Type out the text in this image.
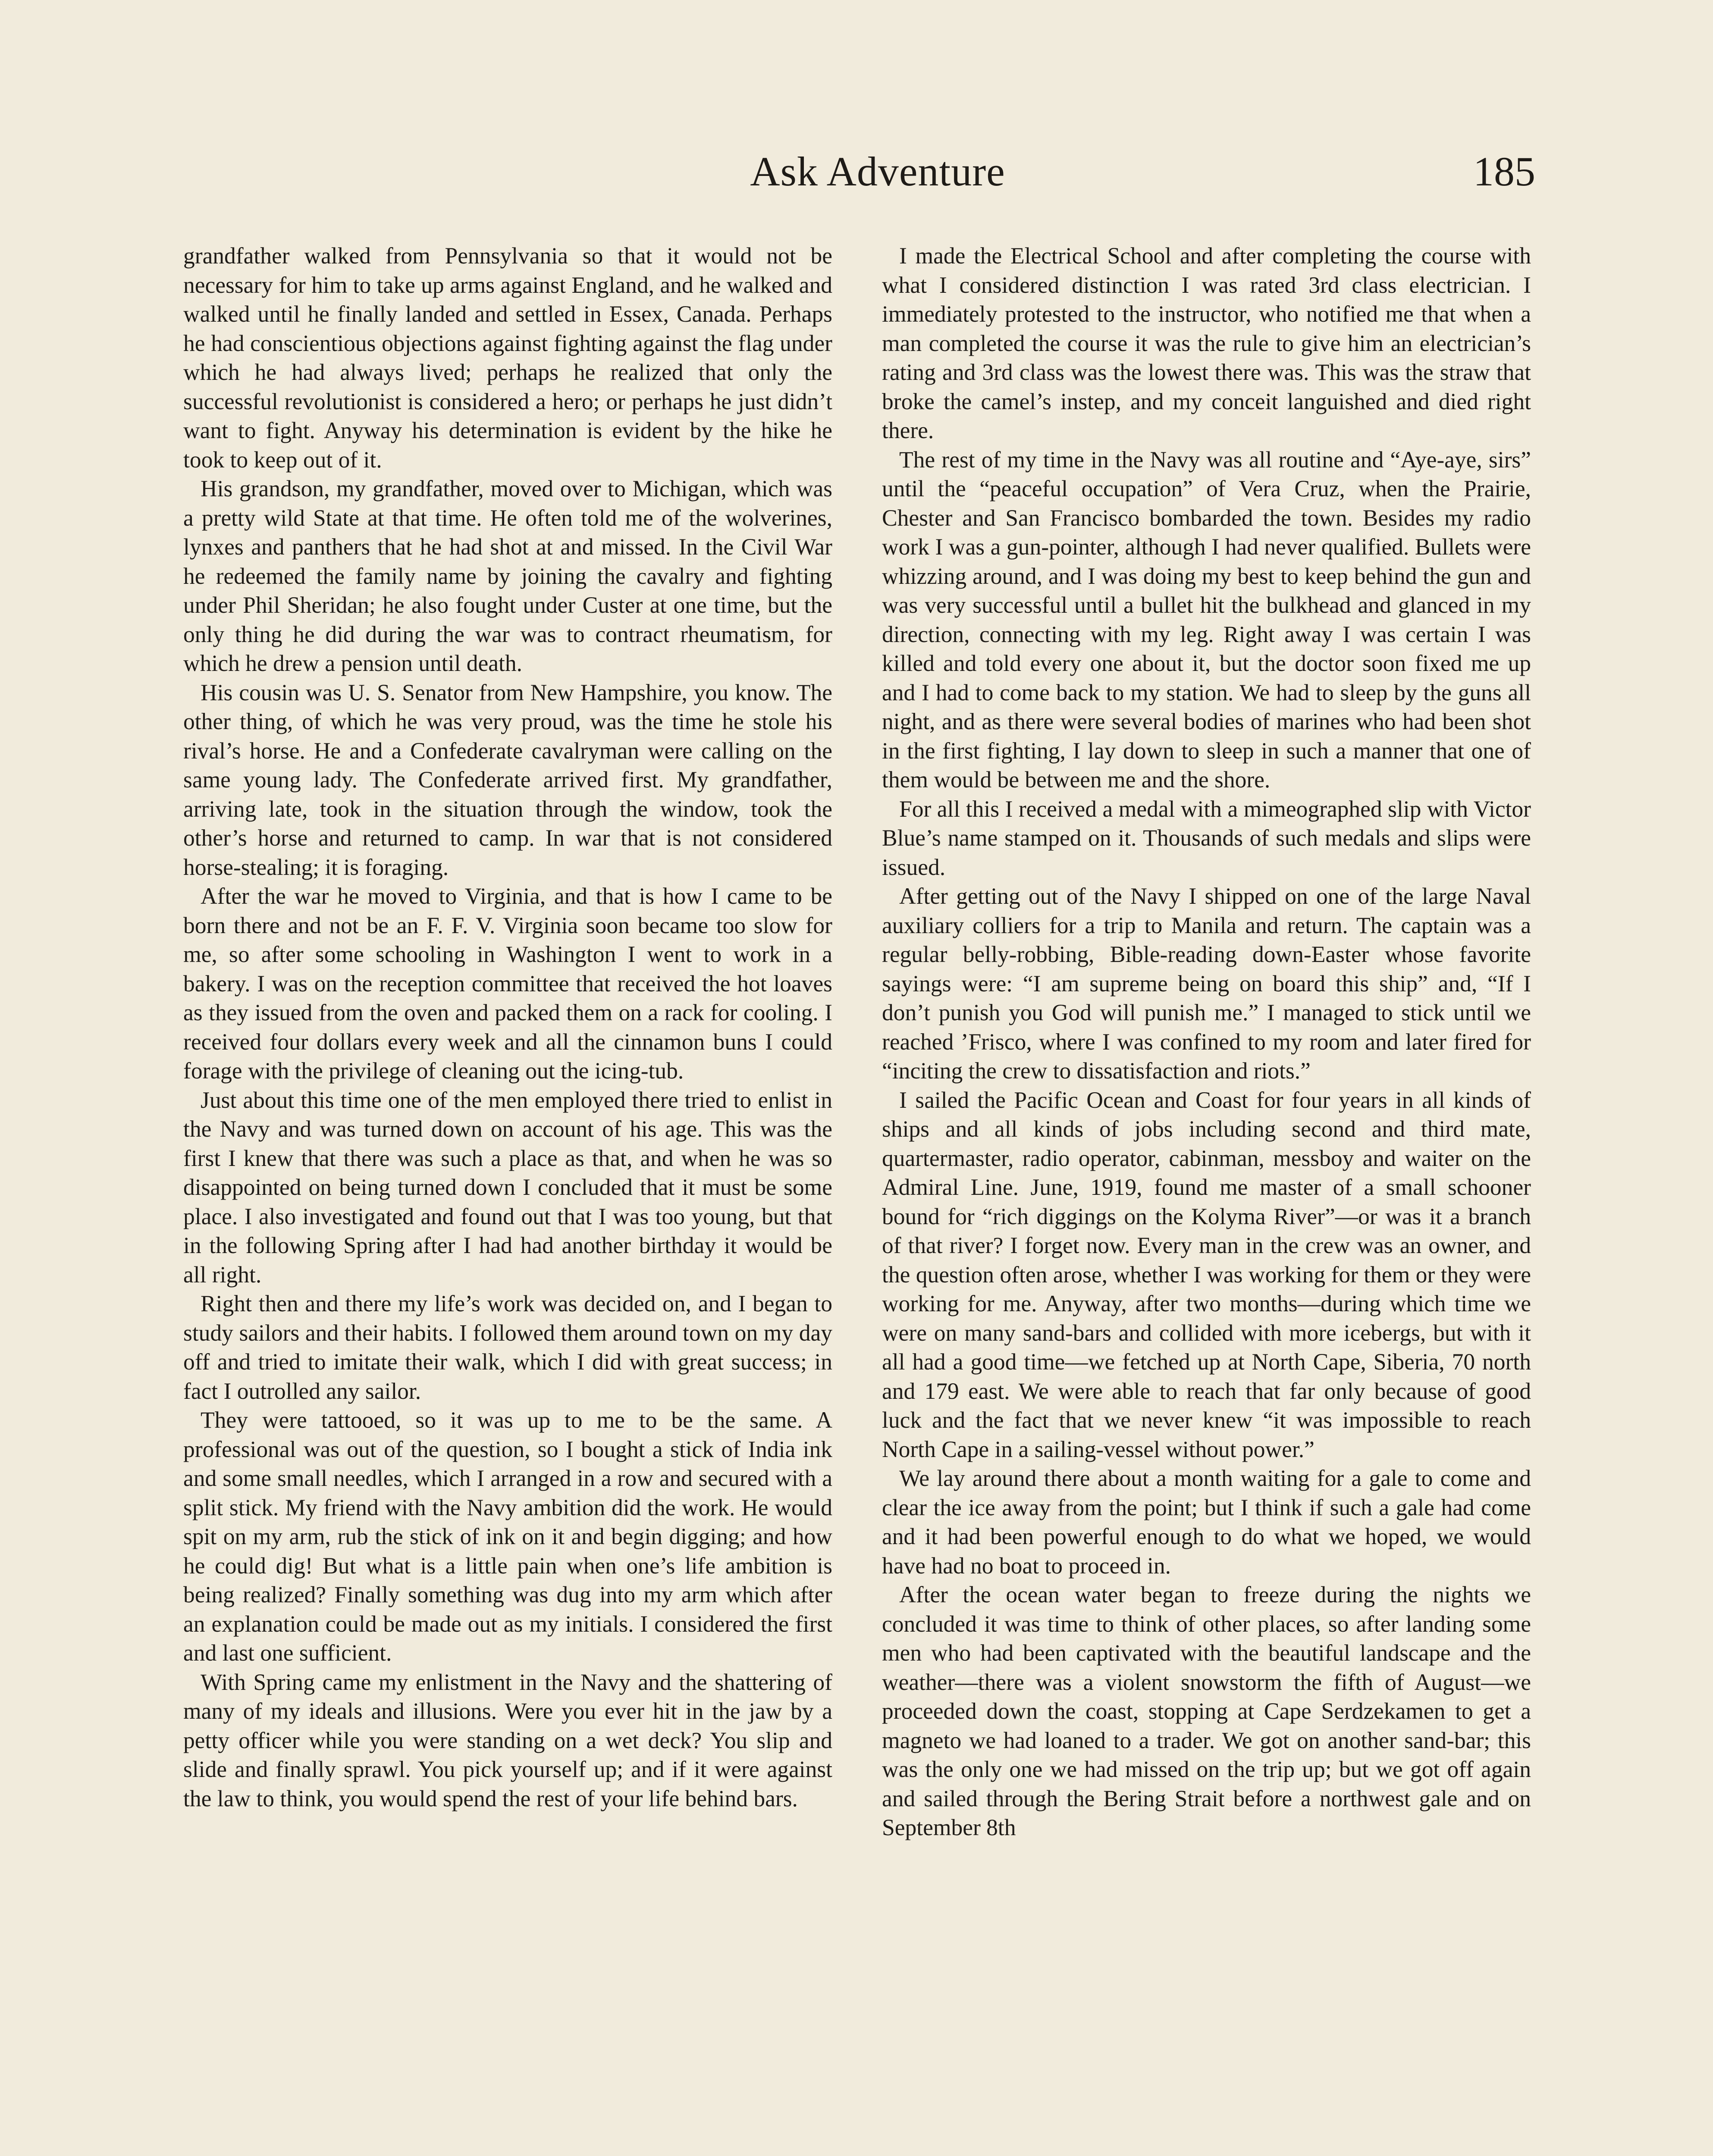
Ask Adventure	185

grandfather walked from Pennsylvania so that it would not be necessary for him to take up arms against England, and he walked and walked until he finally landed and settled in Essex, Canada. Perhaps he had conscientious objections against fighting against the flag under which he had always lived; perhaps he realized that only the successful revolutionist is considered a hero; or perhaps he just didn’t want to fight. Anyway his determination is evident by the hike he took to keep out of it.

His grandson, my grandfather, moved over to Michigan, which was a pretty wild State at that time. He often told me of the wolverines, lynxes and panthers that he had shot at and missed. In the Civil War he redeemed the family name by joining the cavalry and fighting under Phil Sheridan; he also fought under Custer at one time, but the only thing he did during the war was to contract rheumatism, for which he drew a pension until death.

His cousin was U. S. Senator from New Hampshire, you know. The other thing, of which he was very proud, was the time he stole his rival’s horse. He and a Confederate cavalryman were calling on the same young lady. The Confederate arrived first. My grandfather, arriving late, took in the situation through the window, took the other’s horse and returned to camp. In war that is not considered horse-stealing; it is foraging.

After the war he moved to Virginia, and that is how I came to be born there and not be an F. F. V. Virginia soon became too slow for me, so after some schooling in Washington I went to work in a bakery. I was on the reception committee that received the hot loaves as they issued from the oven and packed them on a rack for cooling. I received four dollars every week and all the cinnamon buns I could forage with the privilege of cleaning out the icing-tub.

Just about this time one of the men employed there tried to enlist in the Navy and was turned down on account of his age. This was the first I knew that there was such a place as that, and when he was so disappointed on being turned down I concluded that it must be some place. I also investigated and found out that I was too young, but that in the following Spring after I had had another birthday it would be all right.

Right then and there my life’s work was decided on, and I began to study sailors and their habits. I followed them around town on my day off and tried to imitate their walk, which I did with great success; in fact I outrolled any sailor.

They were tattooed, so it was up to me to be the same. A professional was out of the question, so I bought a stick of India ink and some small needles, which I arranged in a row and secured with a split stick. My friend with the Navy ambition did the work. He would spit on my arm, rub the stick of ink on it and begin digging; and how he could dig! But what is a little pain when one’s life ambition is being realized? Finally something was dug into my arm which after an explanation could be made out as my initials. I considered the first and last one sufficient.

With Spring came my enlistment in the Navy and the shattering of many of my ideals and illusions. Were you ever hit in the jaw by a petty officer while you were standing on a wet deck? You slip and slide and finally sprawl. You pick yourself up; and if it were against the law to think, you would spend the rest of your life behind bars.

I made the Electrical School and after completing the course with what I considered distinction I was rated 3rd class electrician. I immediately protested to the instructor, who notified me that when a man completed the course it was the rule to give him an electrician’s rating and 3rd class was the lowest there was. This was the straw that broke the camel’s instep, and my conceit languished and died right there.

The rest of my time in the Navy was all routine and “Aye-aye, sirs” until the “peaceful occupation” of Vera Cruz, when the Prairie, Chester and San Francisco bombarded the town. Besides my radio work I was a gun-pointer, although I had never qualified. Bullets were whizzing around, and I was doing my best to keep behind the gun and was very successful until a bullet hit the bulkhead and glanced in my direction, connecting with my leg. Right away I was certain I was killed and told every one about it, but the doctor soon fixed me up and I had to come back to my station. We had to sleep by the guns all night, and as there were several bodies of marines who had been shot in the first fighting, I lay down to sleep in such a manner that one of them would be between me and the shore.

For all this I received a medal with a mimeographed slip with Victor Blue’s name stamped on it. Thousands of such medals and slips were issued.

After getting out of the Navy I shipped on one of the large Naval auxiliary colliers for a trip to Manila and return. The captain was a regular belly-robbing, Bible-reading down-Easter whose favorite sayings were: “I am supreme being on board this ship” and, “If I don’t punish you God will punish me.” I managed to stick until we reached ’Frisco, where I was confined to my room and later fired for “inciting the crew to dissatisfaction and riots.”

I sailed the Pacific Ocean and Coast for four years in all kinds of ships and all kinds of jobs including second and third mate, quartermaster, radio operator, cabinman, messboy and waiter on the Admiral Line. June, 1919, found me master of a small schooner bound for “rich diggings on the Kolyma River”—or was it a branch of that river? I forget now. Every man in the crew was an owner, and the question often arose, whether I was working for them or they were working for me. Anyway, after two months—during which time we were on many sand-bars and collided with more icebergs, but with it all had a good time—we fetched up at North Cape, Siberia, 70 north and 179 east. We were able to reach that far only because of good luck and the fact that we never knew “it was impossible to reach North Cape in a sailing-vessel without power.”

We lay around there about a month waiting for a gale to come and clear the ice away from the point; but I think if such a gale had come and it had been powerful enough to do what we hoped, we would have had no boat to proceed in.

After the ocean water began to freeze during the nights we concluded it was time to think of other places, so after landing some men who had been captivated with the beautiful landscape and the weather—there was a violent snowstorm the fifth of August—we proceeded down the coast, stopping at Cape Serdzekamen to get a magneto we had loaned to a trader. We got on another sand-bar; this was the only one we had missed on the trip up; but we got off again and sailed through the Bering Strait before a northwest gale and on September 8th
